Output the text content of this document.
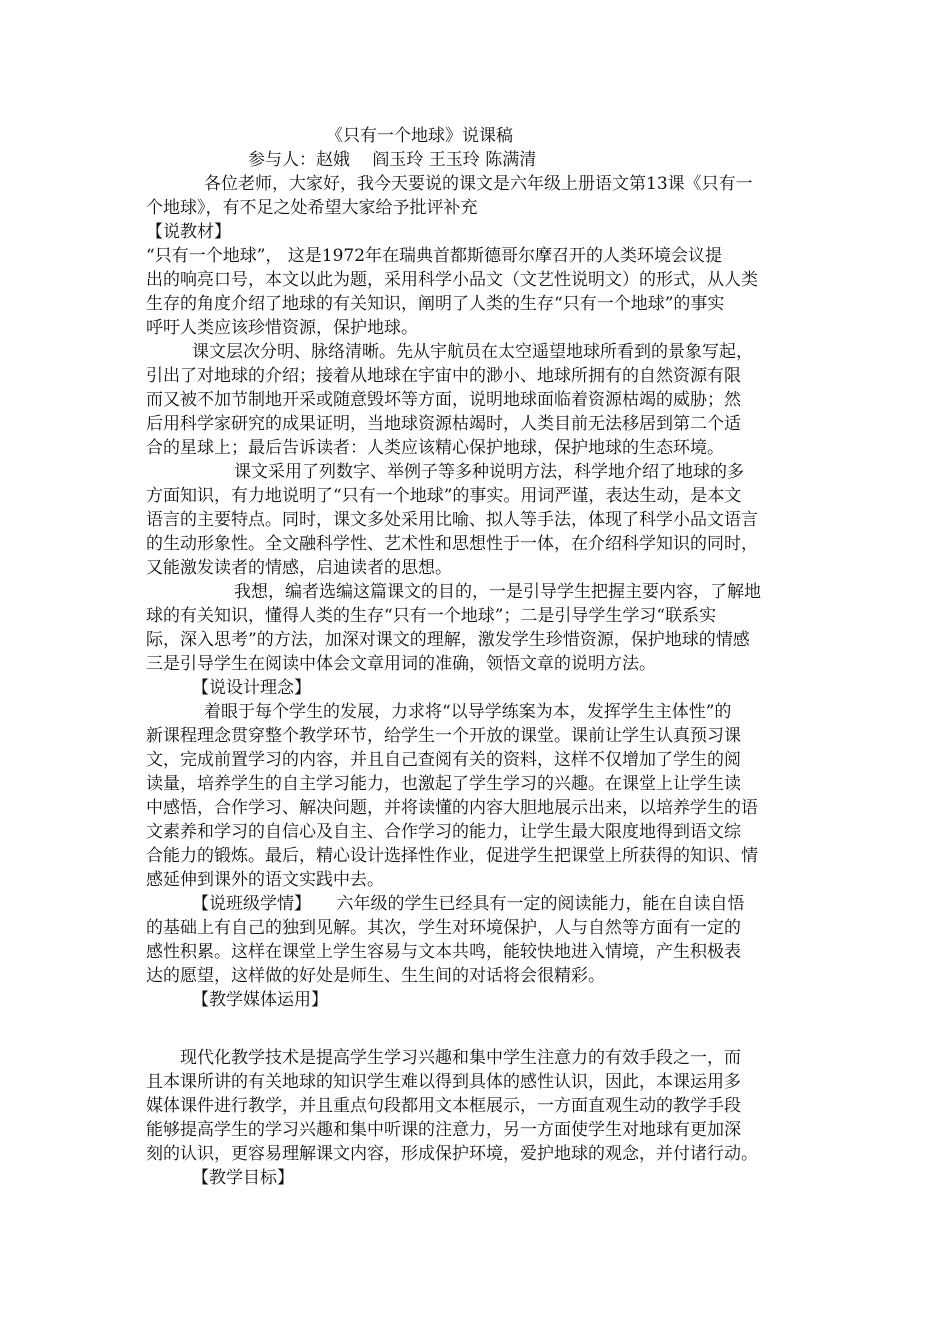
《只有一个地球》说课稿
参与人：赵娥　 阎玉玲 王玉玲 陈满清
各位老师，大家好，我今天要说的课文是六年级上册语文第13课《只有一
个地球》，有不足之处希望大家给予批评补充
【说教材】
“只有一个地球”， 这是1972年在瑞典首都斯德哥尔摩召开的人类环境会议提
出的响亮口号，本文以此为题，采用科学小品文（文艺性说明文）的形式，从人类
生存的角度介绍了地球的有关知识，阐明了人类的生存“只有一个地球”的事实
呼吁人类应该珍惜资源，保护地球。
课文层次分明、脉络清晰。先从宇航员在太空遥望地球所看到的景象写起，
引出了对地球的介绍；接着从地球在宇宙中的渺小、地球所拥有的自然资源有限
而又被不加节制地开采或随意毁坏等方面，说明地球面临着资源枯竭的威胁；然
后用科学家研究的成果证明，当地球资源枯竭时，人类目前无法移居到第二个适
合的星球上；最后告诉读者：人类应该精心保护地球，保护地球的生态环境。
课文采用了列数字、举例子等多种说明方法，科学地介绍了地球的多
方面知识，有力地说明了“只有一个地球”的事实。用词严谨，表达生动，是本文
语言的主要特点。同时，课文多处采用比喻、拟人等手法，体现了科学小品文语言
的生动形象性。全文融科学性、艺术性和思想性于一体，在介绍科学知识的同时，
又能激发读者的情感，启迪读者的思想。
我想，编者选编这篇课文的目的，一是引导学生把握主要内容，了解地
球的有关知识，懂得人类的生存“只有一个地球”；二是引导学生学习“联系实
际，深入思考”的方法，加深对课文的理解，激发学生珍惜资源，保护地球的情感
三是引导学生在阅读中体会文章用词的准确，领悟文章的说明方法。
【说设计理念】
着眼于每个学生的发展，力求将“以导学练案为本，发挥学生主体性”的
新课程理念贯穿整个教学环节，给学生一个开放的课堂。课前让学生认真预习课
文，完成前置学习的内容，并且自己查阅有关的资料，这样不仅增加了学生的阅
读量，培养学生的自主学习能力，也激起了学生学习的兴趣。在课堂上让学生读
中感悟，合作学习、解决问题，并将读懂的内容大胆地展示出来，以培养学生的语
文素养和学习的自信心及自主、合作学习的能力，让学生最大限度地得到语文综
合能力的锻炼。最后，精心设计选择性作业，促进学生把课堂上所获得的知识、情
感延伸到课外的语文实践中去。
【说班级学情】　　六年级的学生已经具有一定的阅读能力，能在自读自悟
的基础上有自己的独到见解。其次，学生对环境保护，人与自然等方面有一定的
感性积累。这样在课堂上学生容易与文本共鸣，能较快地进入情境，产生积极表
达的愿望，这样做的好处是师生、生生间的对话将会很精彩。
【教学媒体运用】
现代化教学技术是提高学生学习兴趣和集中学生注意力的有效手段之一，而
且本课所讲的有关地球的知识学生难以得到具体的感性认识，因此，本课运用多
媒体课件进行教学，并且重点句段都用文本框展示，一方面直观生动的教学手段
能够提高学生的学习兴趣和集中听课的注意力，另一方面使学生对地球有更加深
刻的认识，更容易理解课文内容，形成保护环境，爱护地球的观念，并付诸行动。
【教学目标】
